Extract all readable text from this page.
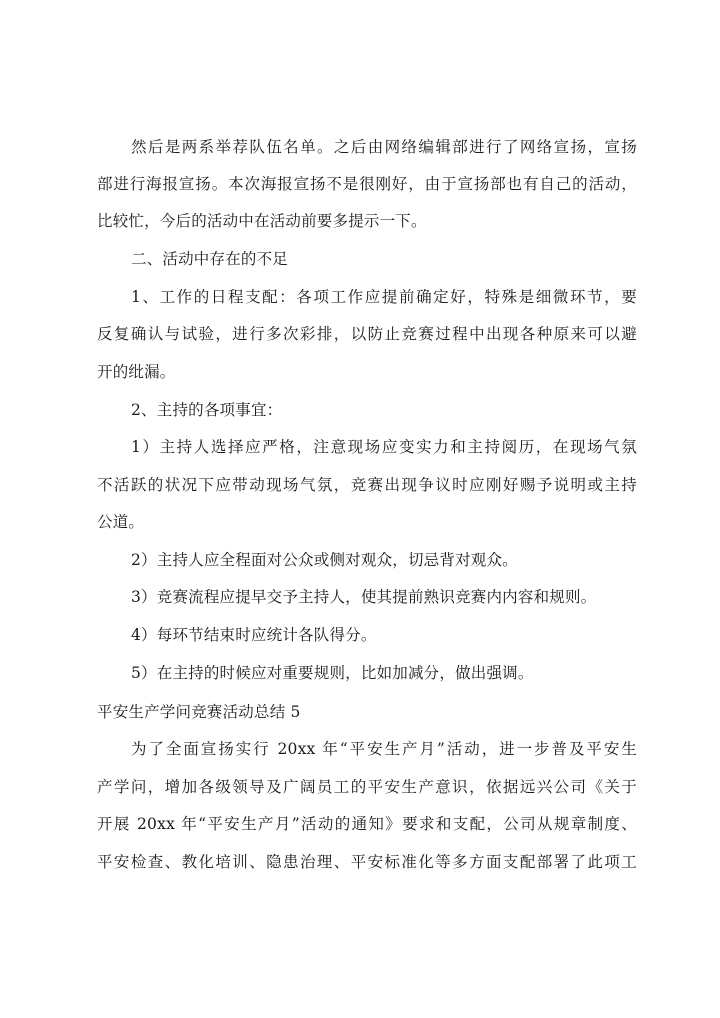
然后是两系举荐队伍名单。之后由网络编辑部进行了网络宣扬，宣扬
部进行海报宣扬。本次海报宣扬不是很刚好，由于宣扬部也有自己的活动，
比较忙，今后的活动中在活动前要多提示一下。
二、活动中存在的不足
1、工作的日程支配：各项工作应提前确定好，特殊是细微环节，要
反复确认与试验，进行多次彩排，以防止竞赛过程中出现各种原来可以避
开的纰漏。
2、主持的各项事宜：
1）主持人选择应严格，注意现场应变实力和主持阅历，在现场气氛
不活跃的状况下应带动现场气氛，竞赛出现争议时应刚好赐予说明或主持
公道。
2）主持人应全程面对公众或侧对观众，切忌背对观众。
3）竞赛流程应提早交予主持人，使其提前熟识竞赛内内容和规则。
4）每环节结束时应统计各队得分。
5）在主持的时候应对重要规则，比如加减分，做出强调。
平安生产学问竞赛活动总结 5
为了全面宣扬实行 20xx 年“平安生产月”活动，进一步普及平安生
产学问，增加各级领导及广阔员工的平安生产意识，依据远兴公司《关于
开展 20xx 年“平安生产月”活动的通知》要求和支配，公司从规章制度、
平安检查、教化培训、隐患治理、平安标准化等多方面支配部署了此项工
